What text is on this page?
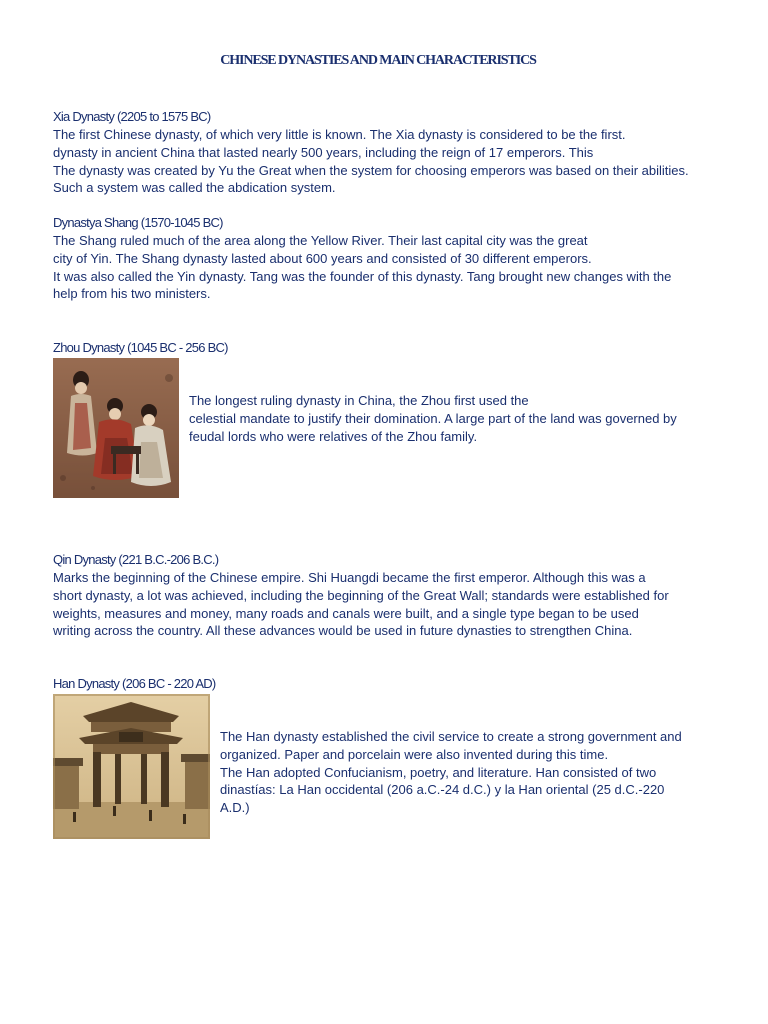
CHINESE DYNASTIES AND MAIN CHARACTERISTICS
Xia Dynasty (2205 to 1575 BC)
The first Chinese dynasty, of which very little is known. The Xia dynasty is considered to be the first.
dynasty in ancient China that lasted nearly 500 years, including the reign of 17 emperors. This
The dynasty was created by Yu the Great when the system for choosing emperors was based on their abilities.
Such a system was called the abdication system.
Dynastya Shang (1570-1045 BC)
The Shang ruled much of the area along the Yellow River. Their last capital city was the great
city of Yin. The Shang dynasty lasted about 600 years and consisted of 30 different emperors.
It was also called the Yin dynasty. Tang was the founder of this dynasty. Tang brought new changes with the
help from his two ministers.
Zhou Dynasty (1045 BC - 256 BC)
The longest ruling dynasty in China, the Zhou first used the
celestial mandate to justify their domination. A large part of the land was governed by
feudal lords who were relatives of the Zhou family.
Qin Dynasty (221 B.C.-206 B.C.)
Marks the beginning of the Chinese empire. Shi Huangdi became the first emperor. Although this was a
short dynasty, a lot was achieved, including the beginning of the Great Wall; standards were established for
weights, measures and money, many roads and canals were built, and a single type began to be used
writing across the country. All these advances would be used in future dynasties to strengthen China.
Han Dynasty (206 BC - 220 AD)
The Han dynasty established the civil service to create a strong government and
organized. Paper and porcelain were also invented during this time.
The Han adopted Confucianism, poetry, and literature. Han consisted of two
dinastías: La Han occidental (206 a.C.-24 d.C.) y la Han oriental (25 d.C.-220
A.D.)
